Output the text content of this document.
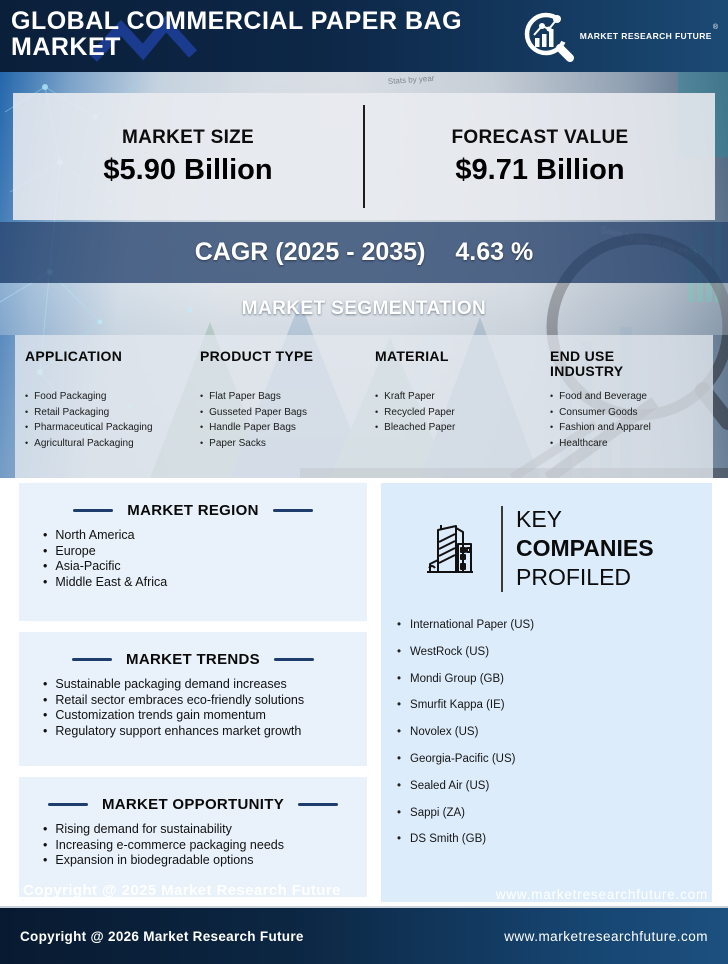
GLOBAL COMMERCIAL PAPER BAG
MARKET	MARKET RESEARCH FUTURE
®
Stats by year
MARKET SIZE
$5.90 Billion
FORECAST VALUE
$9.71 Billion
CAGR (2025 - 2035) 4.63 %
MARKET SEGMENTATION
APPLICATION
• Food Packaging
• Retail Packaging
• Pharmaceutical Packaging
• Agricultural Packaging
PRODUCT TYPE
• Flat Paper Bags
• Gusseted Paper Bags
• Handle Paper Bags
• Paper Sacks
MATERIAL
• Kraft Paper
• Recycled Paper
• Bleached Paper
END USE INDUSTRY
• Food and Beverage
• Consumer Goods
• Fashion and Apparel
• Healthcare
MARKET REGION
• North America
• Europe
• Asia-Pacific
• Middle East & Africa
MARKET TRENDS
• Sustainable packaging demand increases
• Retail sector embraces eco-friendly solutions
• Customization trends gain momentum
• Regulatory support enhances market growth
MARKET OPPORTUNITY
• Rising demand for sustainability
• Increasing e-commerce packaging needs
• Expansion in biodegradable options
KEY
COMPANIES
PROFILED
• International Paper (US)
• WestRock (US)
• Mondi Group (GB)
• Smurfit Kappa (IE)
• Novolex (US)
• Georgia-Pacific (US)
• Sealed Air (US)
• Sappi (ZA)
• DS Smith (GB)
Copyright @ 2025 Market Research Future	www.marketresearchfuture.com
Copyright @ 2026 Market Research Future	www.marketresearchfuture.com
